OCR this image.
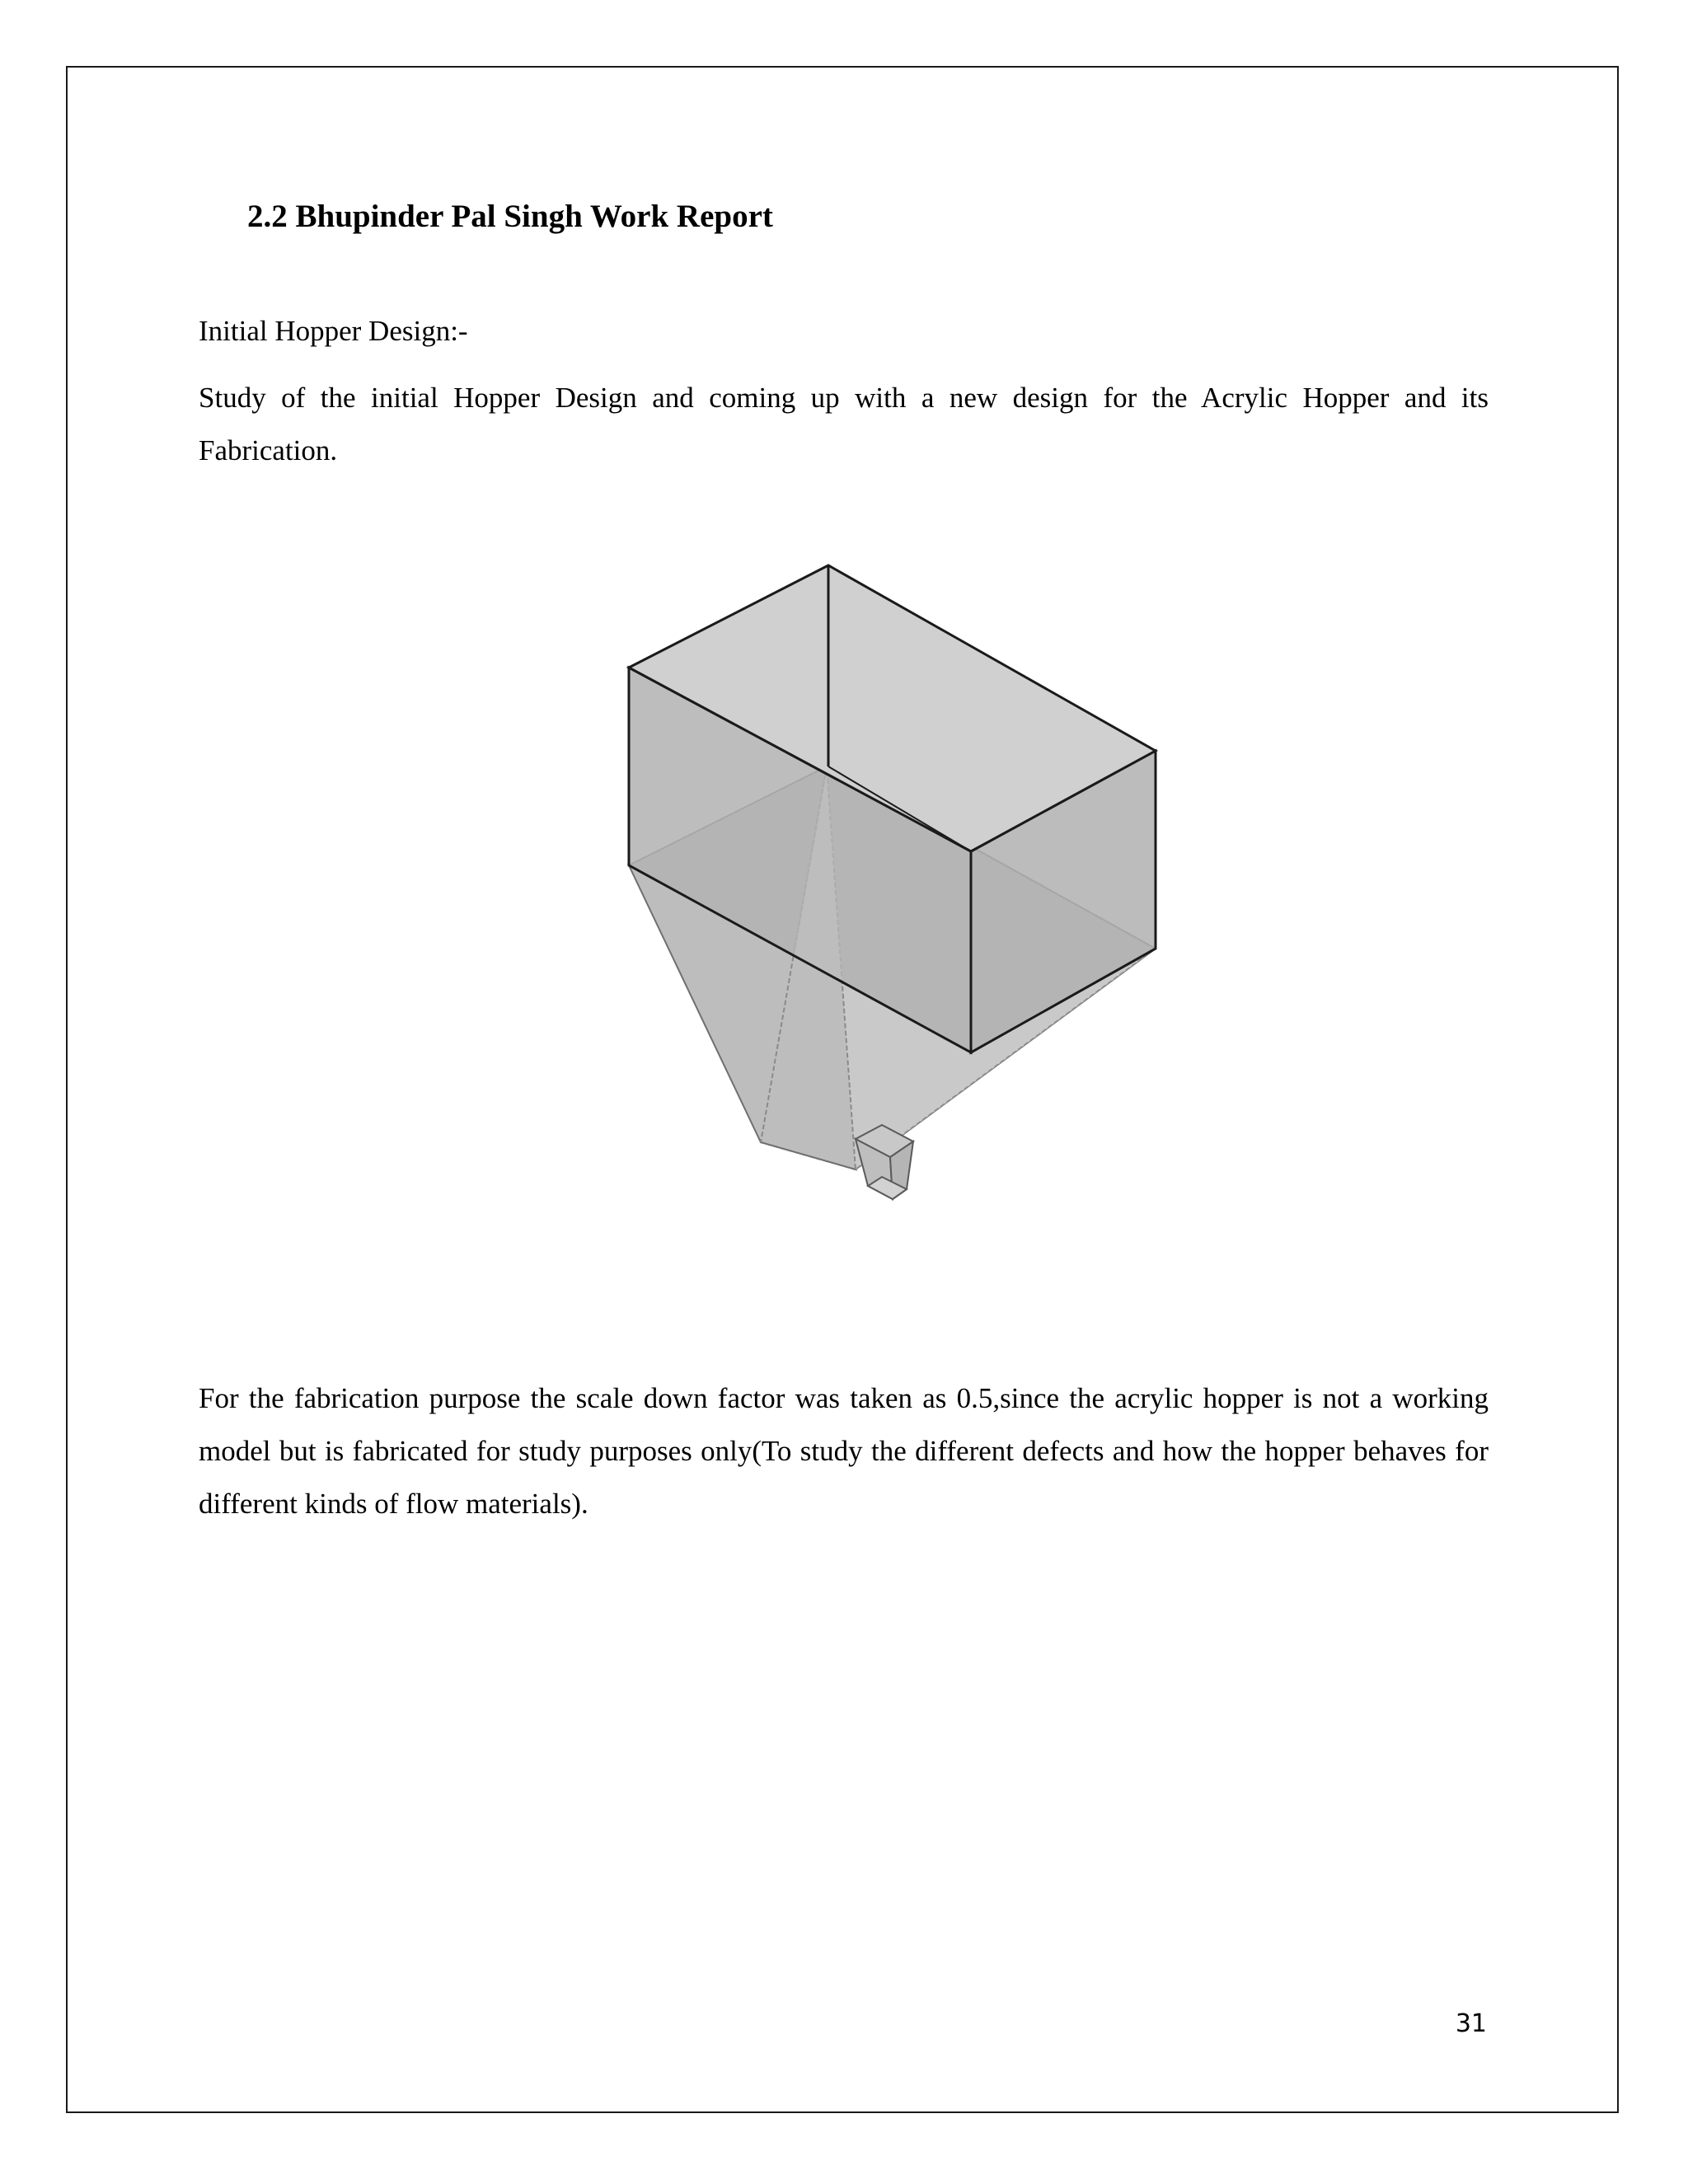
2.2 Bhupinder Pal Singh Work Report
Initial Hopper Design:-
Study of the initial Hopper Design and coming up with a new design for the Acrylic Hopper and its Fabrication.
For the fabrication purpose the scale down factor was taken as 0.5,since the acrylic hopper is not a working model but is fabricated for study purposes only(To study the different defects and how the hopper behaves for different kinds of flow materials).
31
